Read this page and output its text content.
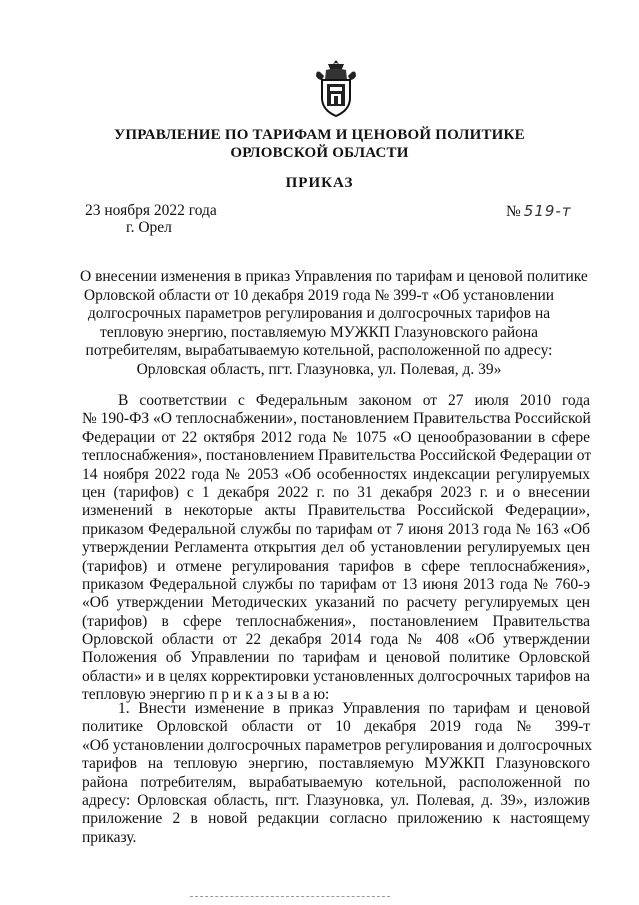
УПРАВЛЕНИЕ ПО ТАРИФАМ И ЦЕНОВОЙ ПОЛИТИКЕ
ОРЛОВСКОЙ ОБЛАСТИ
ПРИКАЗ
23 ноября 2022 года
г. Орел
№ 519-т
О внесении изменения в приказ Управления по тарифам и ценовой политике
Орловской области от 10 декабря 2019 года № 399-т «Об установлении
долгосрочных параметров регулирования и долгосрочных тарифов на
тепловую энергию, поставляемую МУЖКП Глазуновского района
потребителям, вырабатываемую котельной, расположенной по адресу:
Орловская область, пгт. Глазуновка, ул. Полевая, д. 39»
В соответствии с Федеральным законом от 27 июля 2010 года
№ 190-ФЗ «О теплоснабжении», постановлением Правительства Российской
Федерации от 22 октября 2012 года № 1075 «О ценообразовании в сфере
теплоснабжения», постановлением Правительства Российской Федерации от
14 ноября 2022 года № 2053 «Об особенностях индексации регулируемых
цен (тарифов) с 1 декабря 2022 г. по 31 декабря 2023 г. и о внесении
изменений в некоторые акты Правительства Российской Федерации»,
приказом Федеральной службы по тарифам от 7 июня 2013 года № 163 «Об
утверждении Регламента открытия дел об установлении регулируемых цен
(тарифов) и отмене регулирования тарифов в сфере теплоснабжения»,
приказом Федеральной службы по тарифам от 13 июня 2013 года № 760-э
«Об утверждении Методических указаний по расчету регулируемых цен
(тарифов) в сфере теплоснабжения», постановлением Правительства
Орловской области от 22 декабря 2014 года № 408 «Об утверждении
Положения об Управлении по тарифам и ценовой политике Орловской
области» и в целях корректировки установленных долгосрочных тарифов на
тепловую энергию п р и к а з ы в а ю:
1. Внести изменение в приказ Управления по тарифам и ценовой
политике Орловской области от 10 декабря 2019 года № 399-т
«Об установлении долгосрочных параметров регулирования и долгосрочных
тарифов на тепловую энергию, поставляемую МУЖКП Глазуновского
района потребителям, вырабатываемую котельной, расположенной по
адресу: Орловская область, пгт. Глазуновка, ул. Полевая, д. 39», изложив
приложение 2 в новой редакции согласно приложению к настоящему
приказу.
